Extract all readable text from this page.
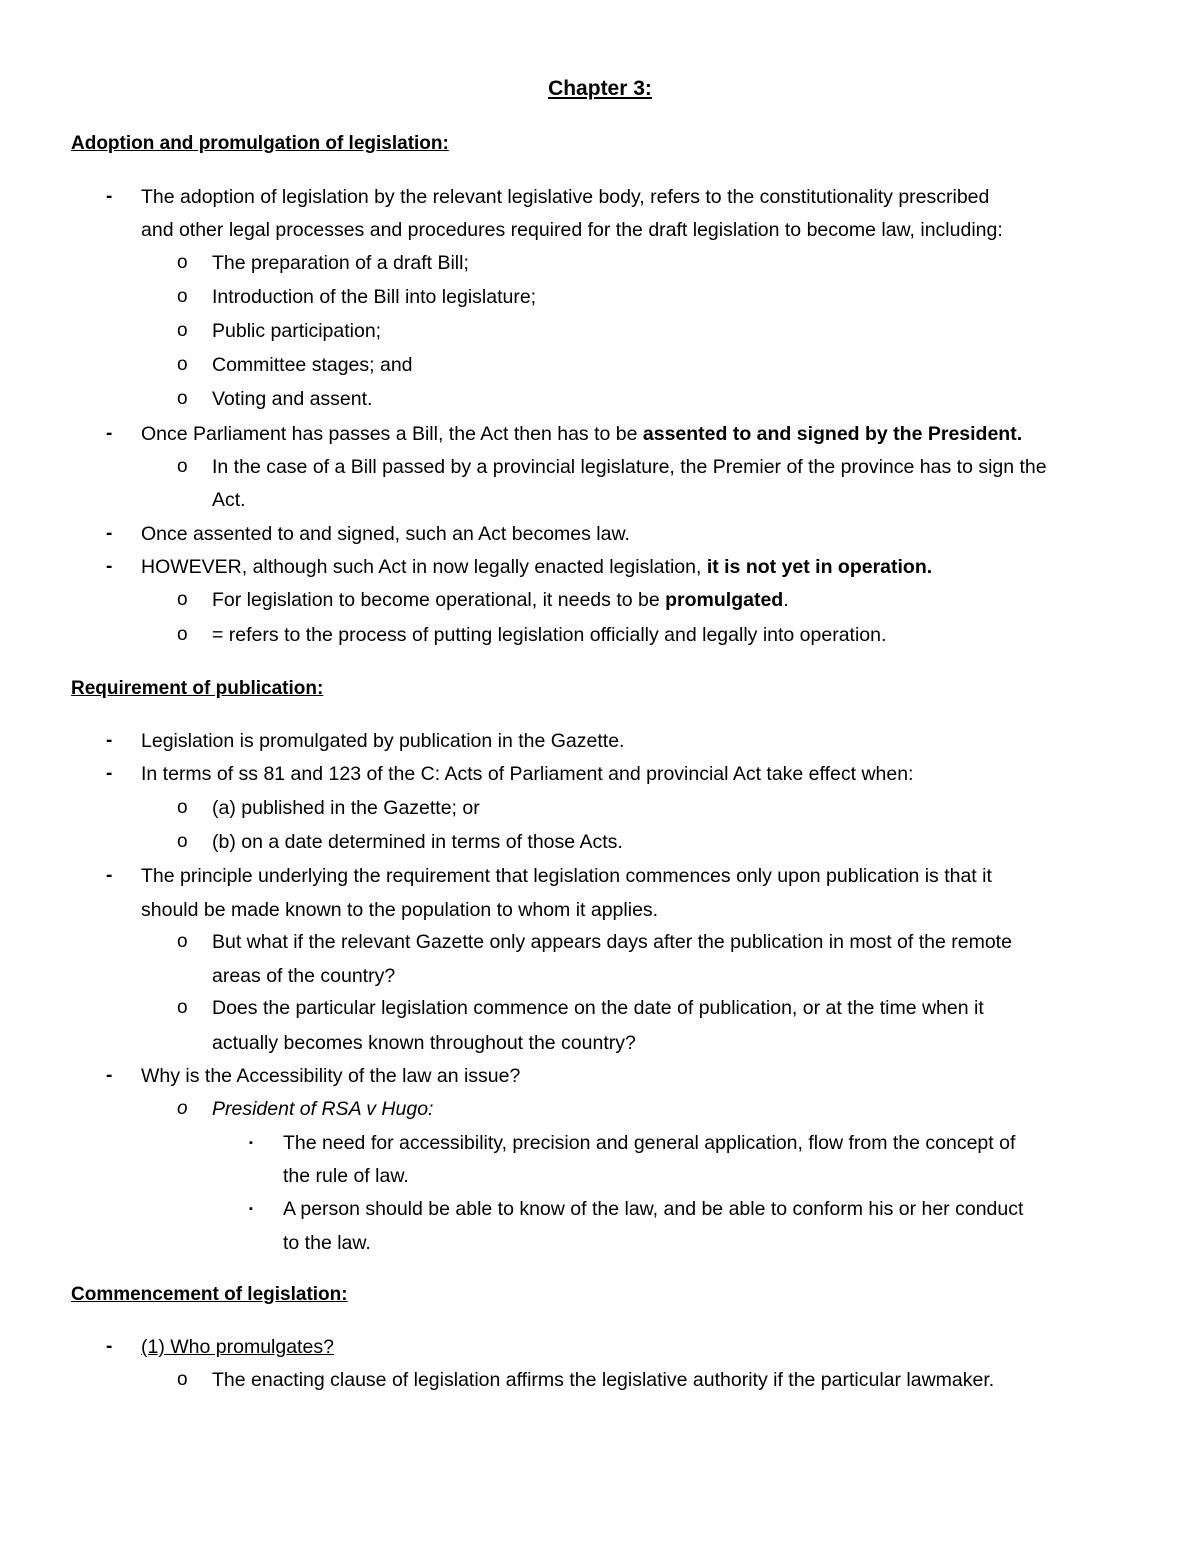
Chapter 3:
Adoption and promulgation of legislation:
- The adoption of legislation by the relevant legislative body, refers to the constitutionality prescribed
and other legal processes and procedures required for the draft legislation to become law, including:
o The preparation of a draft Bill;
o Introduction of the Bill into legislature;
o Public participation;
o Committee stages; and
o Voting and assent.
- Once Parliament has passes a Bill, the Act then has to be assented to and signed by the President.
o In the case of a Bill passed by a provincial legislature, the Premier of the province has to sign the
Act.
- Once assented to and signed, such an Act becomes law.
- HOWEVER, although such Act in now legally enacted legislation, it is not yet in operation.
o For legislation to become operational, it needs to be promulgated.
o = refers to the process of putting legislation officially and legally into operation.
Requirement of publication:
- Legislation is promulgated by publication in the Gazette.
- In terms of ss 81 and 123 of the C: Acts of Parliament and provincial Act take effect when:
o (a) published in the Gazette; or
o (b) on a date determined in terms of those Acts.
- The principle underlying the requirement that legislation commences only upon publication is that it
should be made known to the population to whom it applies.
o But what if the relevant Gazette only appears days after the publication in most of the remote
areas of the country?
o Does the particular legislation commence on the date of publication, or at the time when it
actually becomes known throughout the country?
- Why is the Accessibility of the law an issue?
o President of RSA v Hugo:
▪ The need for accessibility, precision and general application, flow from the concept of
the rule of law.
▪ A person should be able to know of the law, and be able to conform his or her conduct
to the law.
Commencement of legislation:
- (1) Who promulgates?
o The enacting clause of legislation affirms the legislative authority if the particular lawmaker.
